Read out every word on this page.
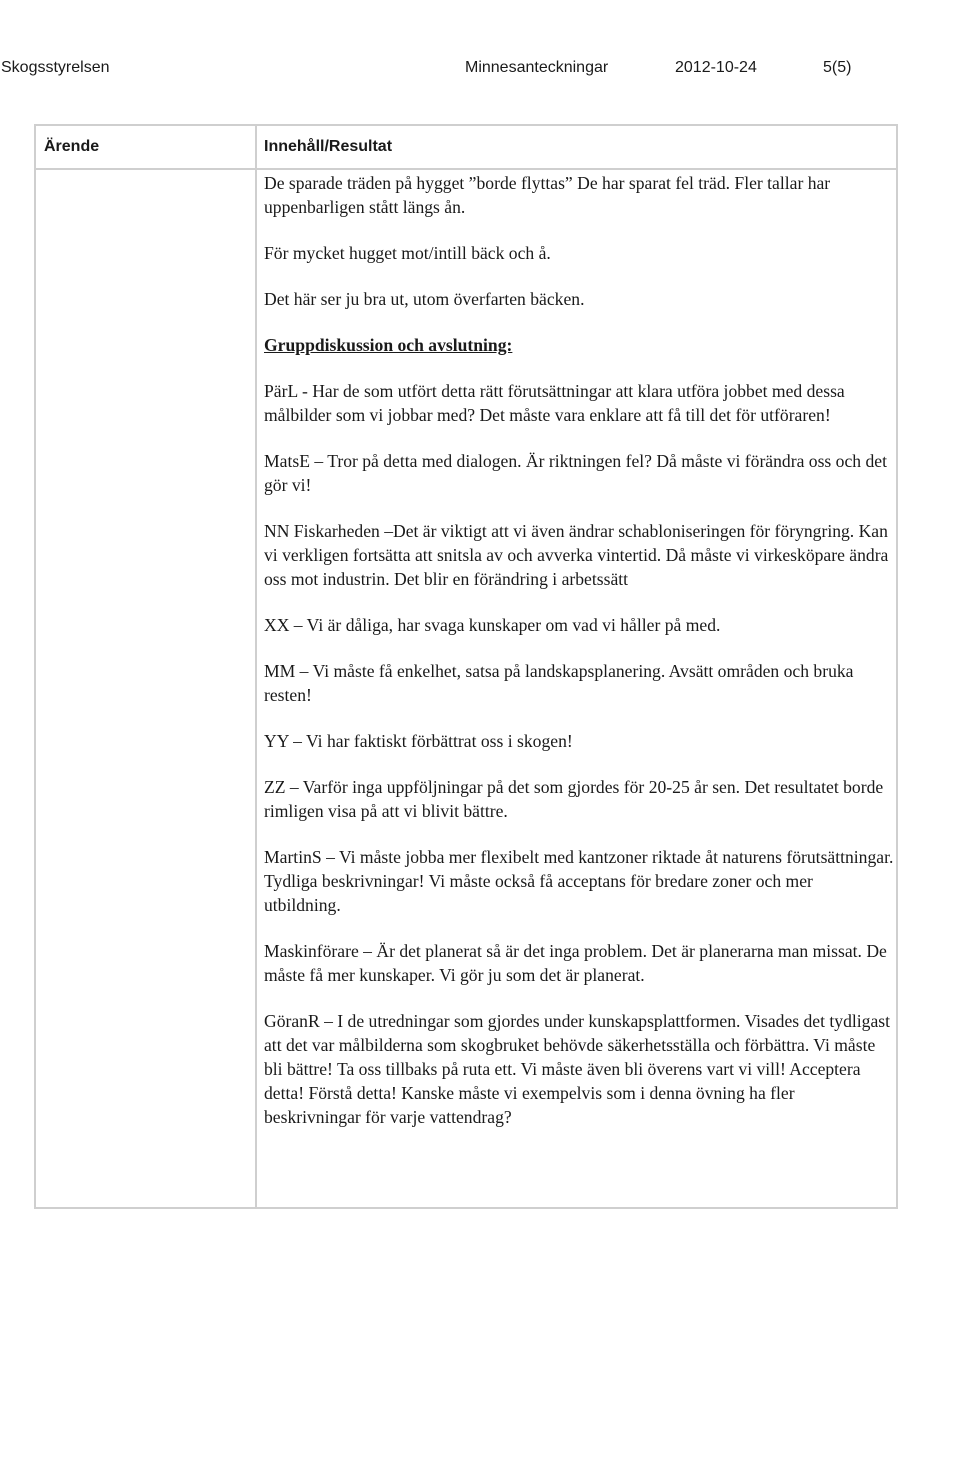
Skogsstyrelsen	Minnesanteckningar	2012-10-24	5(5)
Ärende	Innehåll/Resultat

De sparade träden på hygget ”borde flyttas” De har sparat fel träd. Fler tallar har uppenbarligen stått längs ån.

För mycket hugget mot/intill bäck och å.

Det här ser ju bra ut, utom överfarten bäcken.

Gruppdiskussion och avslutning:

PärL - Har de som utfört detta rätt förutsättningar att klara utföra jobbet med dessa målbilder som vi jobbar med? Det måste vara enklare att få till det för utföraren!

MatsE – Tror på detta med dialogen. Är riktningen fel? Då måste vi förändra oss och det gör vi!

NN Fiskarheden –Det är viktigt att vi även ändrar schabloniseringen för föryngring. Kan vi verkligen fortsätta att snitsla av och avverka vintertid. Då måste vi virkesköpare ändra oss mot industrin. Det blir en förändring i arbetssätt

XX – Vi är dåliga, har svaga kunskaper om vad vi håller på med.

MM – Vi måste få enkelhet, satsa på landskapsplanering. Avsätt områden och bruka resten!

YY – Vi har faktiskt förbättrat oss i skogen!

ZZ – Varför inga uppföljningar på det som gjordes för 20-25 år sen. Det resultatet borde rimligen visa på att vi blivit bättre.

MartinS – Vi måste jobba mer flexibelt med kantzoner riktade åt naturens förutsättningar. Tydliga beskrivningar! Vi måste också få acceptans för bredare zoner och mer utbildning.

Maskinförare – Är det planerat så är det inga problem. Det är planerarna man missat. De måste få mer kunskaper. Vi gör ju som det är planerat.

GöranR – I de utredningar som gjordes under kunskapsplattformen. Visades det tydligast att det var målbilderna som skogbruket behövde säkerhetsställa och förbättra. Vi måste bli bättre! Ta oss tillbaks på ruta ett. Vi måste även bli överens vart vi vill! Acceptera detta! Förstå detta! Kanske måste vi exempelvis som i denna övning ha fler beskrivningar för varje vattendrag?
